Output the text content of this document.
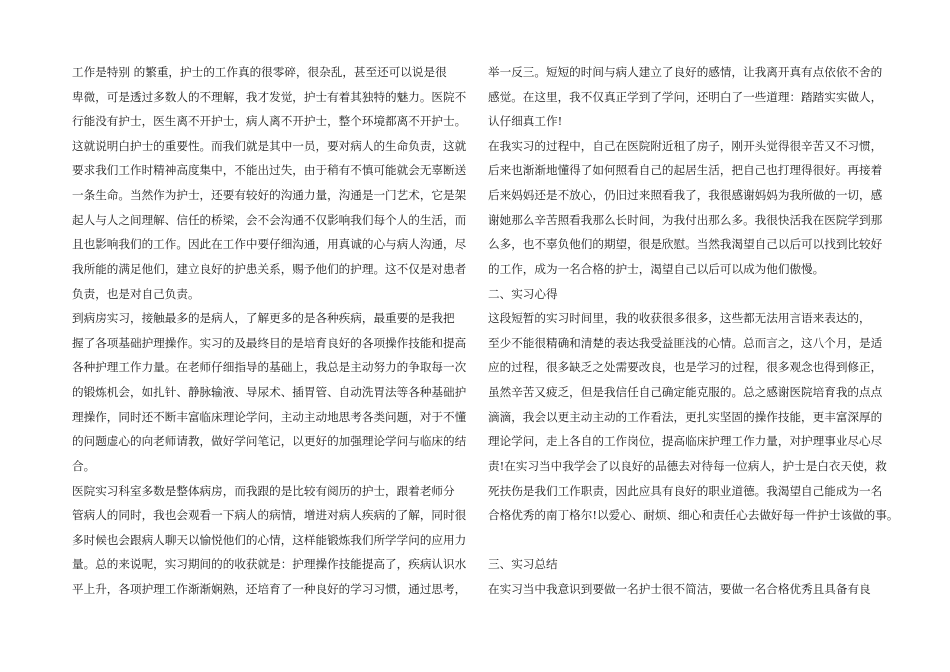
工作是特别 的繁重，护士的工作真的很零碎，很杂乱，甚至还可以说是很
卑微，可是透过多数人的不理解，我才发觉，护士有着其独特的魅力。医院不
行能没有护士，医生离不开护士，病人离不开护士，整个环境都离不开护士。
这就说明白护士的重要性。而我们就是其中一员，要对病人的生命负责，这就
要求我们工作时精神高度集中，不能出过失，由于稍有不慎可能就会无辜断送
一条生命。当然作为护士，还要有较好的沟通力量，沟通是一门艺术，它是架
起人与人之间理解、信任的桥梁，会不会沟通不仅影响我们每个人的生活，而
且也影响我们的工作。因此在工作中要仔细沟通，用真诚的心与病人沟通，尽
我所能的满足他们，建立良好的护患关系，赐予他们的护理。这不仅是对患者
负责，也是对自己负责。
到病房实习，接触最多的是病人，了解更多的是各种疾病，最重要的是我把
握了各项基础护理操作。实习的及最终目的是培育良好的各项操作技能和提高
各种护理工作力量。在老师仔细指导的基础上，我总是主动努力的争取每一次
的锻炼机会，如扎针、静脉输液、导尿术、插胃管、自动洗胃法等各种基础护
理操作，同时还不断丰富临床理论学问，主动主动地思考各类问题，对于不懂
的问题虚心的向老师请教，做好学问笔记，以更好的加强理论学问与临床的结
合。
医院实习科室多数是整体病房，而我跟的是比较有阅历的护士，跟着老师分
管病人的同时，我也会观看一下病人的病情，增进对病人疾病的了解，同时很
多时候也会跟病人聊天以愉悦他们的心情，这样能锻炼我们所学学问的应用力
量。总的来说呢，实习期间的的收获就是：护理操作技能提高了，疾病认识水
平上升，各项护理工作渐渐娴熟，还培育了一种良好的学习习惯，通过思考，
举一反三。短短的时间与病人建立了良好的感情，让我离开真有点依依不舍的
感觉。在这里，我不仅真正学到了学问，还明白了一些道理：踏踏实实做人，
认仔细真工作!
在我实习的过程中，自己在医院附近租了房子，刚开头觉得很辛苦又不习惯，
后来也渐渐地懂得了如何照看自己的起居生活，把自己也打理得很好。再接着
后来妈妈还是不放心，仍旧过来照看我了，我很感谢妈妈为我所做的一切，感
谢她那么辛苦照看我那么长时间，为我付出那么多。我很快活我在医院学到那
么多，也不辜负他们的期望，很是欣慰。当然我渴望自己以后可以找到比较好
的工作，成为一名合格的护士，渴望自己以后可以成为他们傲慢。
二、实习心得
这段短暂的实习时间里，我的收获很多很多，这些都无法用言语来表达的，
至少不能很精确和清楚的表达我受益匪浅的心情。总而言之，这八个月，是适
应的过程，很多缺乏之处需要改良，也是学习的过程，很多观念也得到修正，
虽然辛苦又疲乏，但是我信任自己确定能克服的。总之感谢医院培育我的点点
滴滴，我会以更主动主动的工作看法，更扎实坚固的操作技能，更丰富深厚的
理论学问，走上各自的工作岗位，提高临床护理工作力量，对护理事业尽心尽
责!在实习当中我学会了以良好的品德去对待每一位病人，护士是白衣天使，救
死扶伤是我们工作职责，因此应具有良好的职业道德。我渴望自己能成为一名
合格优秀的南丁格尔!以爱心、耐烦、细心和责任心去做好每一件护士该做的事。
三、实习总结
在实习当中我意识到要做一名护士很不简洁，要做一名合格优秀且具备有良
